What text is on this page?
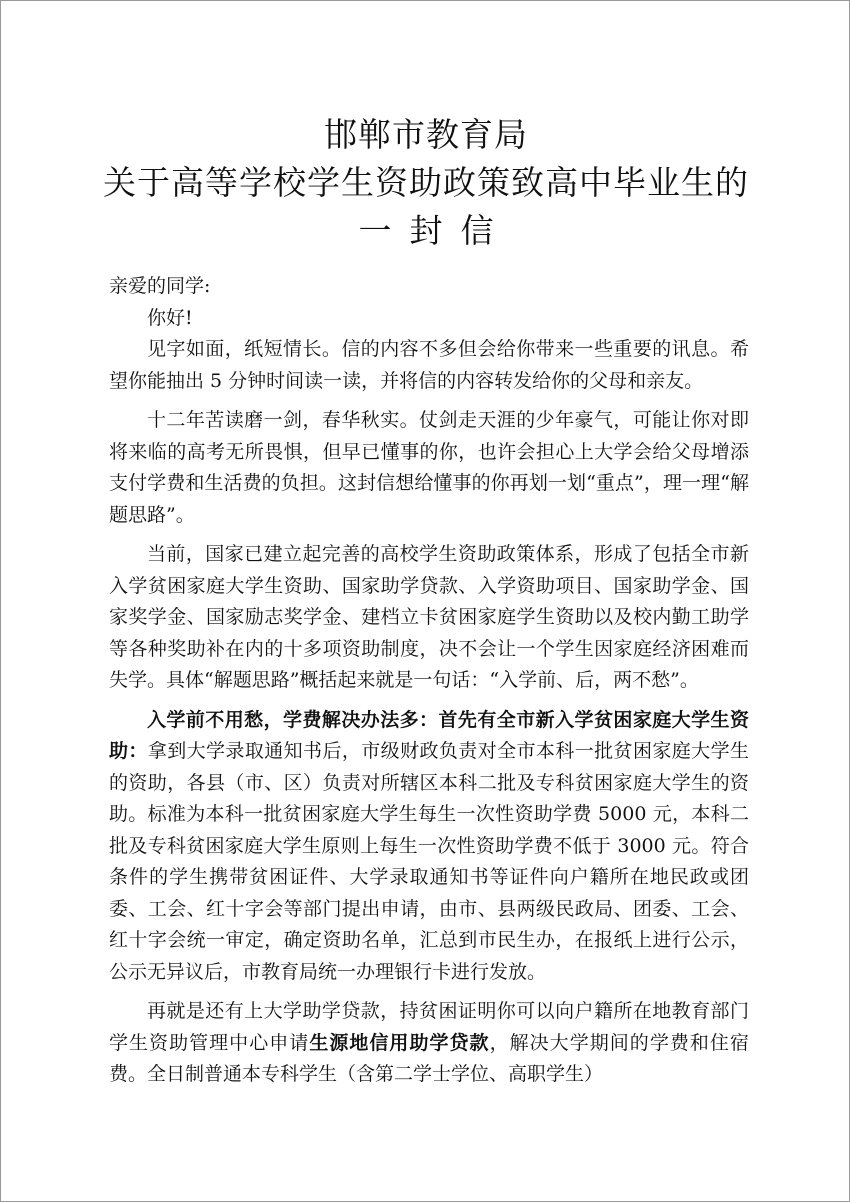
邯郸市教育局
关于高等学校学生资助政策致高中毕业生的
一封信

亲爱的同学:

你好!

见字如面，纸短情长。信的内容不多但会给你带来一些重要的讯息。希望你能抽出 5 分钟时间读一读，并将信的内容转发给你的父母和亲友。

十二年苦读磨一剑，春华秋实。仗剑走天涯的少年豪气，可能让你对即将来临的高考无所畏惧，但早已懂事的你，也许会担心上大学会给父母增添支付学费和生活费的负担。这封信想给懂事的你再划一划“重点”，理一理“解题思路”。

当前，国家已建立起完善的高校学生资助政策体系，形成了包括全市新入学贫困家庭大学生资助、国家助学贷款、入学资助项目、国家助学金、国家奖学金、国家励志奖学金、建档立卡贫困家庭学生资助以及校内勤工助学等各种奖助补在内的十多项资助制度，决不会让一个学生因家庭经济困难而失学。具体“解题思路”概括起来就是一句话：“入学前、后，两不愁”。

入学前不用愁，学费解决办法多：首先有全市新入学贫困家庭大学生资助：拿到大学录取通知书后，市级财政负责对全市本科一批贫困家庭大学生的资助，各县（市、区）负责对所辖区本科二批及专科贫困家庭大学生的资助。标准为本科一批贫困家庭大学生每生一次性资助学费 5000 元，本科二批及专科贫困家庭大学生原则上每生一次性资助学费不低于 3000 元。符合条件的学生携带贫困证件、大学录取通知书等证件向户籍所在地民政或团委、工会、红十字会等部门提出申请，由市、县两级民政局、团委、工会、红十字会统一审定，确定资助名单，汇总到市民生办，在报纸上进行公示，公示无异议后，市教育局统一办理银行卡进行发放。

再就是还有上大学助学贷款，持贫困证明你可以向户籍所在地教育部门学生资助管理中心申请生源地信用助学贷款，解决大学期间的学费和住宿费。全日制普通本专科学生（含第二学士学位、高职学生）
